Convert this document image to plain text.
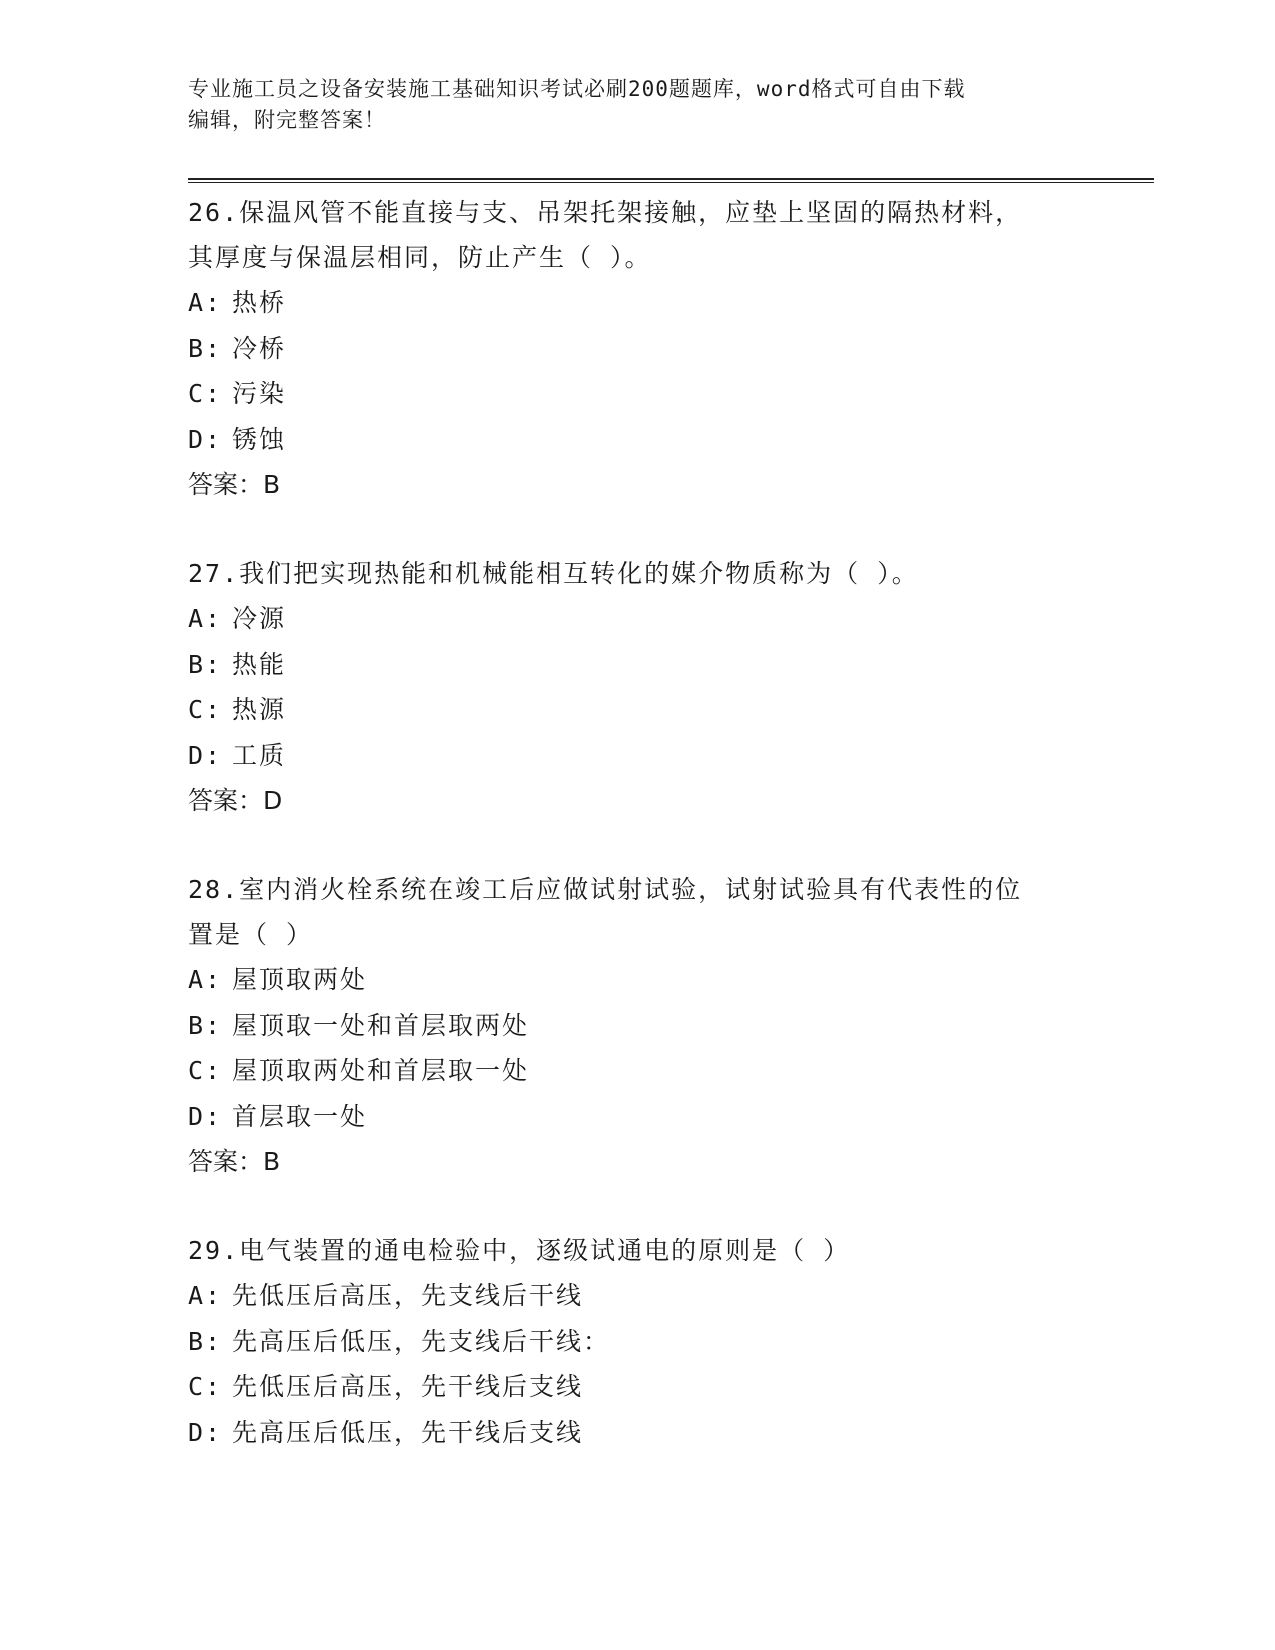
专业施工员之设备安装施工基础知识考试必刷200题题库，word格式可自由下载
编辑，附完整答案！
26.保温风管不能直接与支、吊架托架接触，应垫上坚固的隔热材料，
其厚度与保温层相同，防止产生（ ）。
A: 热桥
B: 冷桥
C: 污染
D: 锈蚀
答案：B
27.我们把实现热能和机械能相互转化的媒介物质称为（ ）。
A: 冷源
B: 热能
C: 热源
D: 工质
答案：D
28.室内消火栓系统在竣工后应做试射试验，试射试验具有代表性的位
置是（ ）
A: 屋顶取两处
B: 屋顶取一处和首层取两处
C: 屋顶取两处和首层取一处
D: 首层取一处
答案：B
29.电气装置的通电检验中，逐级试通电的原则是（ ）
A: 先低压后高压，先支线后干线
B: 先高压后低压，先支线后干线：
C: 先低压后高压，先干线后支线
D: 先高压后低压，先干线后支线
